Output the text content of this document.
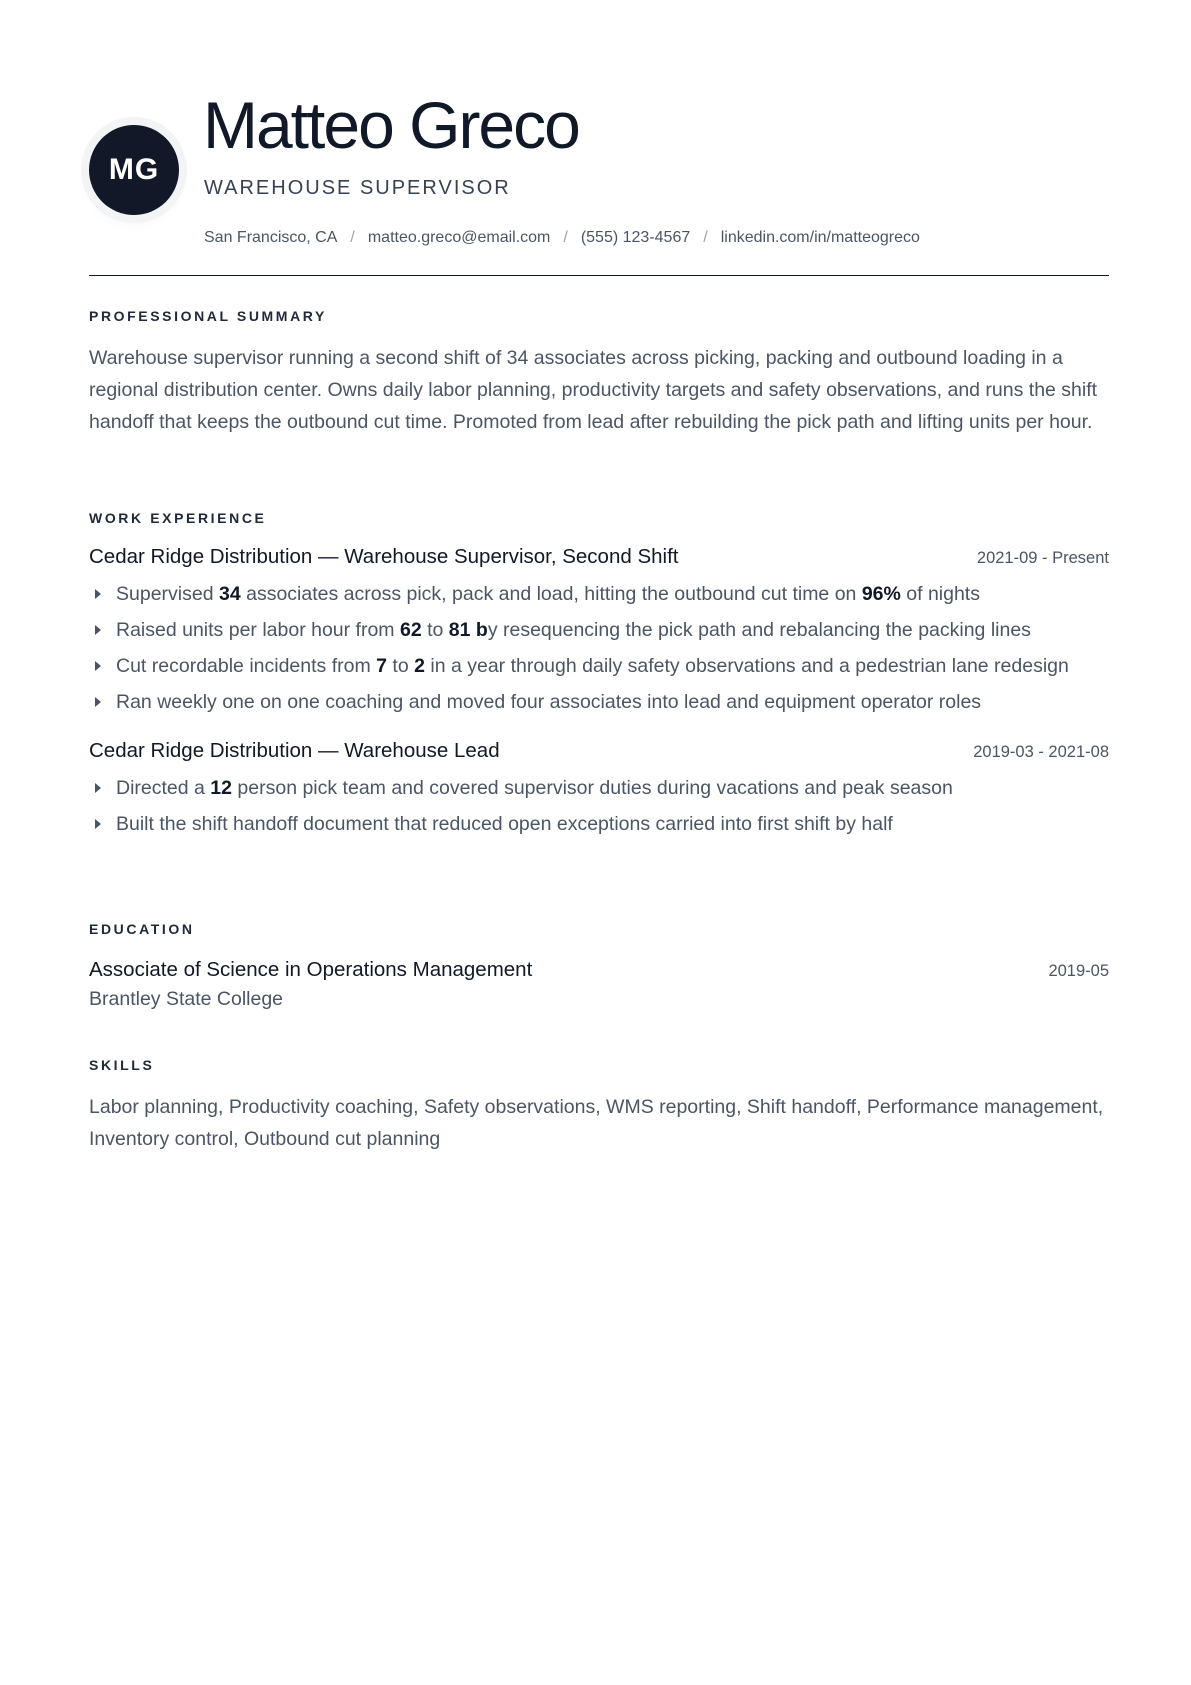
MG
Matteo Greco
WAREHOUSE SUPERVISOR
San Francisco, CA / matteo.greco@email.com / (555) 123-4567 / linkedin.com/in/matteogreco
PROFESSIONAL SUMMARY
Warehouse supervisor running a second shift of 34 associates across picking, packing and outbound loading in a regional distribution center. Owns daily labor planning, productivity targets and safety observations, and runs the shift handoff that keeps the outbound cut time. Promoted from lead after rebuilding the pick path and lifting units per hour.
WORK EXPERIENCE
Cedar Ridge Distribution — Warehouse Supervisor, Second Shift	2021-09 - Present
Supervised 34 associates across pick, pack and load, hitting the outbound cut time on 96% of nights
Raised units per labor hour from 62 to 81 by resequencing the pick path and rebalancing the packing lines
Cut recordable incidents from 7 to 2 in a year through daily safety observations and a pedestrian lane redesign
Ran weekly one on one coaching and moved four associates into lead and equipment operator roles
Cedar Ridge Distribution — Warehouse Lead	2019-03 - 2021-08
Directed a 12 person pick team and covered supervisor duties during vacations and peak season
Built the shift handoff document that reduced open exceptions carried into first shift by half
EDUCATION
Associate of Science in Operations Management	2019-05
Brantley State College
SKILLS
Labor planning, Productivity coaching, Safety observations, WMS reporting, Shift handoff, Performance management, Inventory control, Outbound cut planning
